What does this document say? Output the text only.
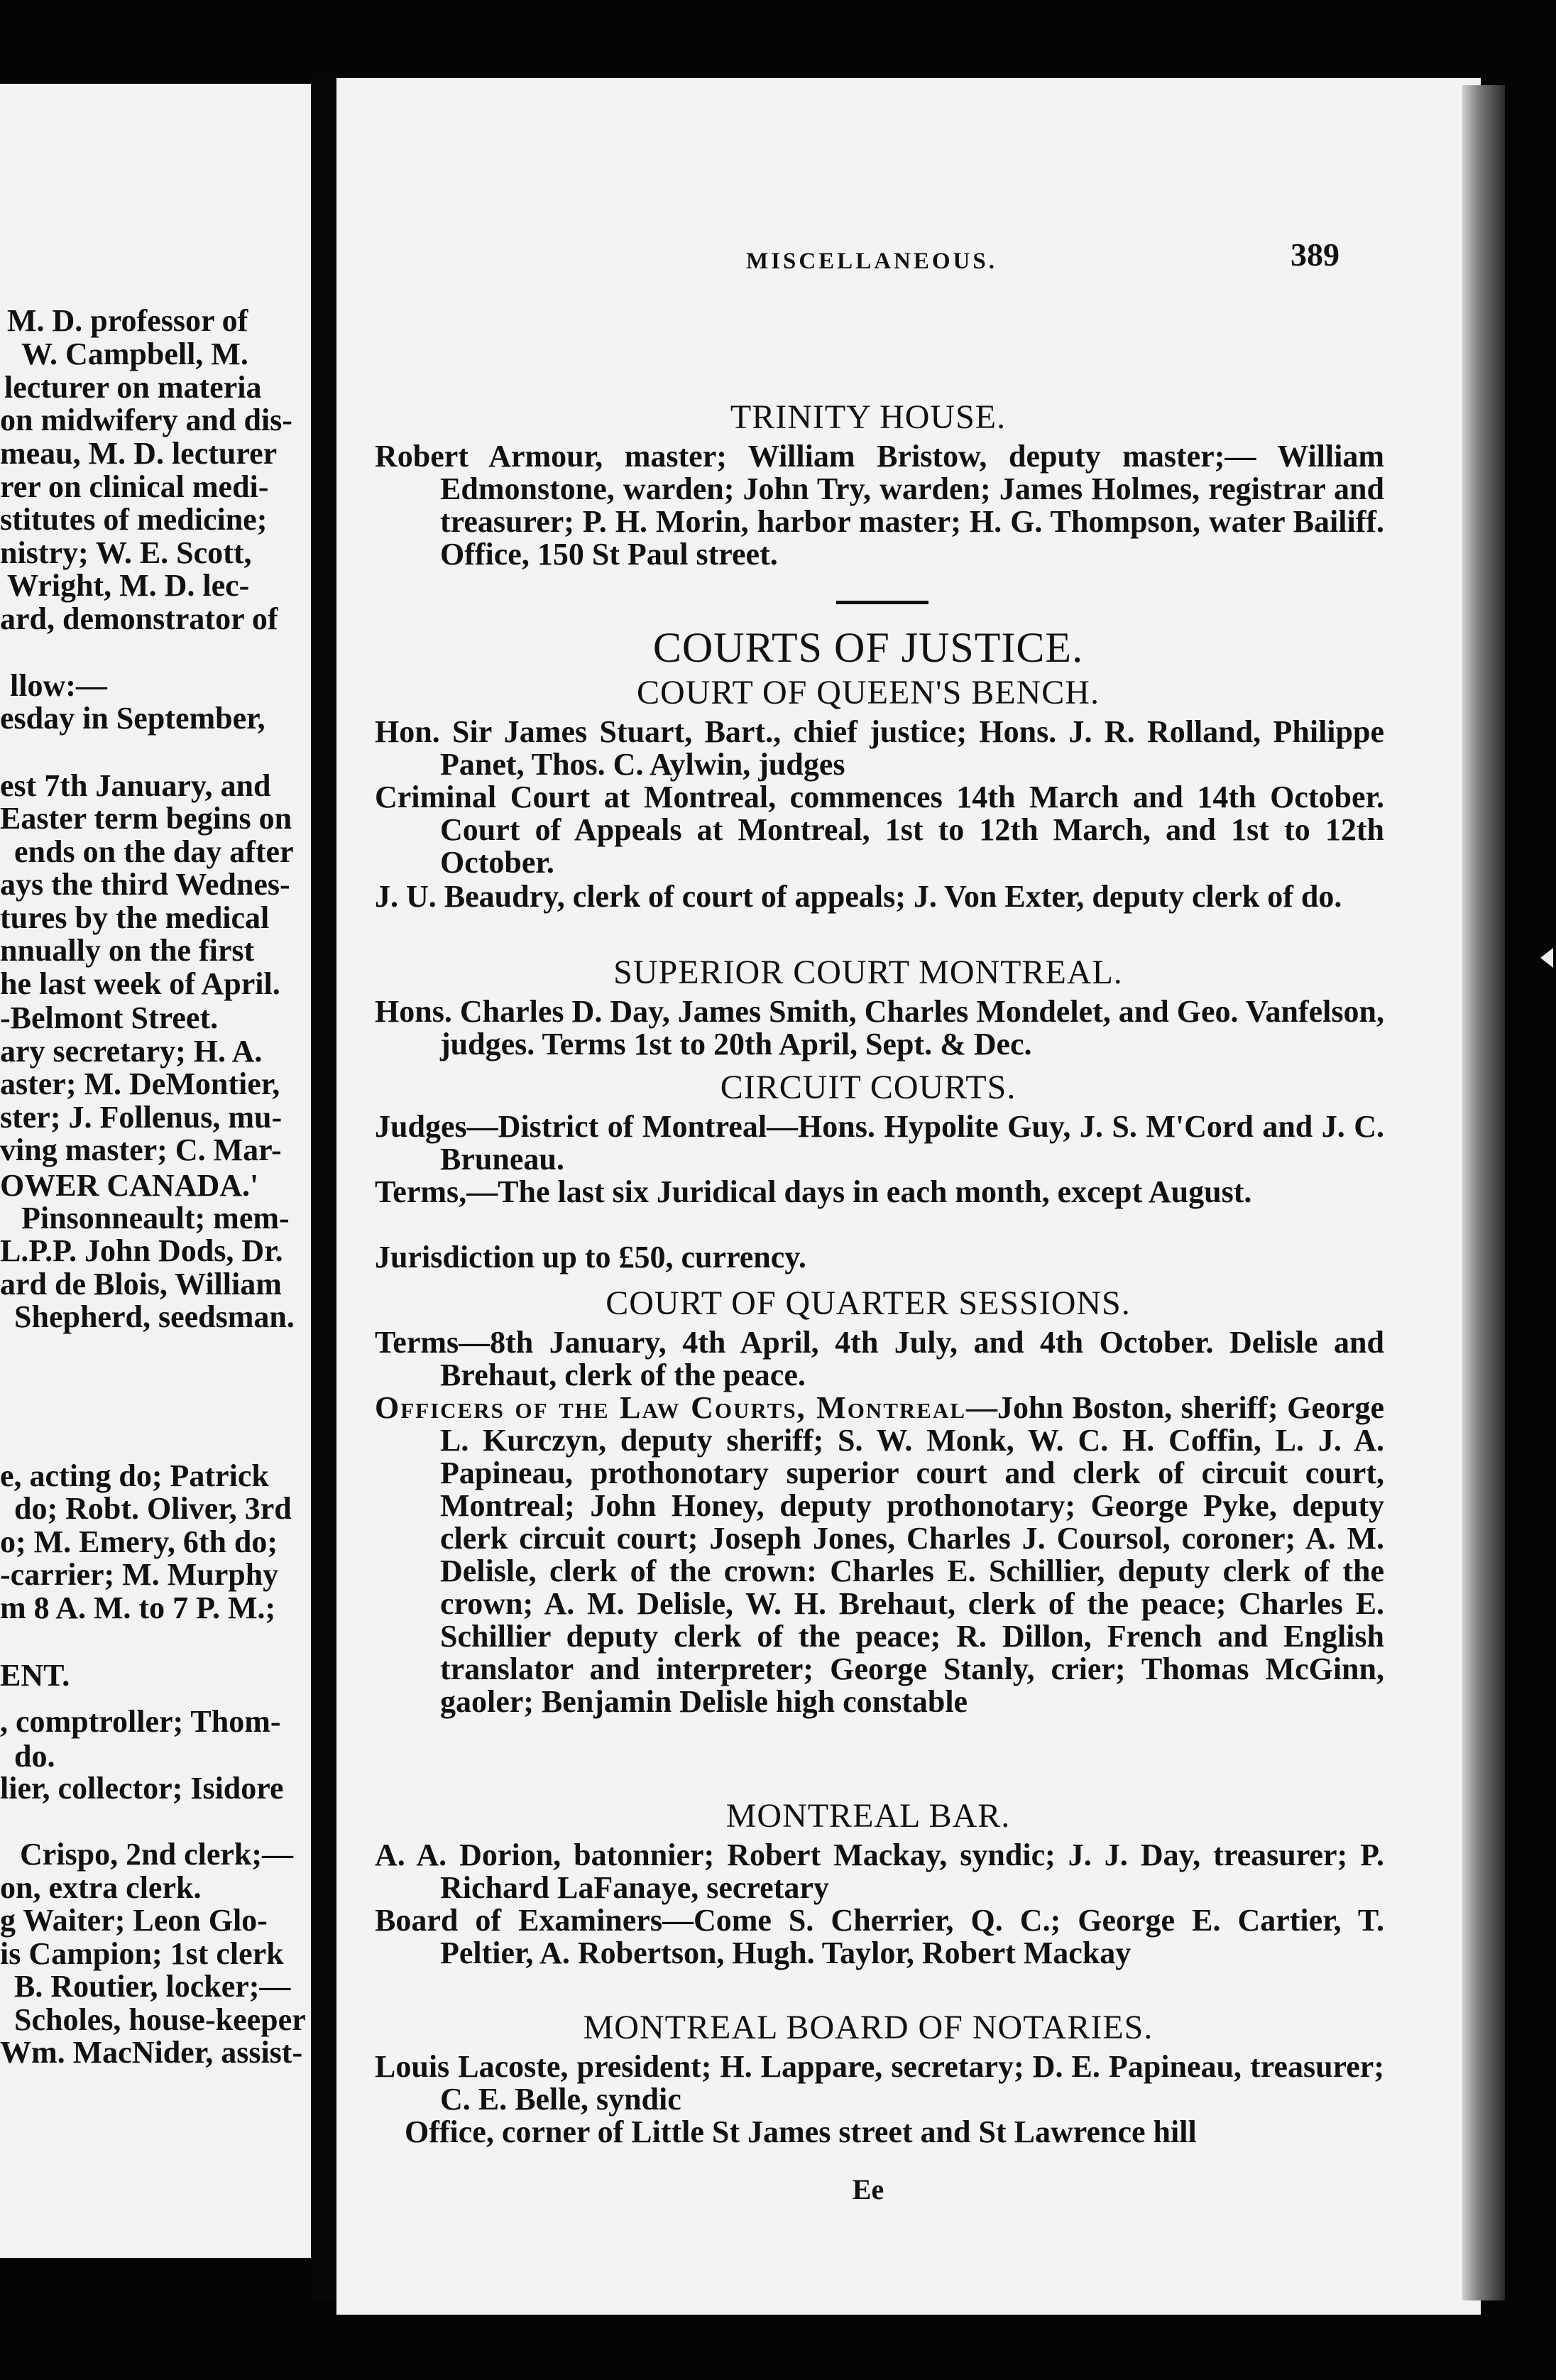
M. D. professor of
W. Campbell, M.
lecturer on materia
on midwifery and dis-
meau, M. D. lecturer
rer on clinical medi-
stitutes of medicine;
nistry; W. E. Scott,
Wright, M. D. lec-
ard, demonstrator of
llow:—
esday in September,
est 7th January, and
Easter term begins on
ends on the day after
ays the third Wednes-
tures by the medical
nnually on the first
he last week of April.
-Belmont Street.
ary secretary; H. A.
aster; M. DeMontier,
ster; J. Follenus, mu-
ving master; C. Mar-
OWER CANADA.'
Pinsonneault; mem-
L.P.P. John Dods, Dr.
ard de Blois, William
Shepherd, seedsman.
e, acting do; Patrick
do; Robt. Oliver, 3rd
o; M. Emery, 6th do;
-carrier; M. Murphy
m 8 A. M. to 7 P. M.;
ENT.
, comptroller; Thom-
do.
lier, collector; Isidore
Crispo, 2nd clerk;—
on, extra clerk.
g Waiter; Leon Glo-
is Campion; 1st clerk
B. Routier, locker;—
Scholes, house-keeper
Wm. MacNider, assist-
MISCELLANEOUS.	389
TRINITY HOUSE.
Robert Armour, master; William Bristow, deputy master;— William Edmonstone, warden; John Try, warden; James Holmes, registrar and treasurer; P. H. Morin, harbor master; H. G. Thompson, water Bailiff. Office, 150 St Paul street.
COURTS OF JUSTICE.
COURT OF QUEEN'S BENCH.
Hon. Sir James Stuart, Bart., chief justice; Hons. J. R. Rolland, Philippe Panet, Thos. C. Aylwin, judges
Criminal Court at Montreal, commences 14th March and 14th October. Court of Appeals at Montreal, 1st to 12th March, and 1st to 12th October.
J. U. Beaudry, clerk of court of appeals; J. Von Exter, deputy clerk of do.
SUPERIOR COURT MONTREAL.
Hons. Charles D. Day, James Smith, Charles Mondelet, and Geo. Vanfelson, judges. Terms 1st to 20th April, Sept. & Dec.
CIRCUIT COURTS.
Judges—District of Montreal—Hons. Hypolite Guy, J. S. M'Cord and J. C. Bruneau.
Terms,—The last six Juridical days in each month, except August.
Jurisdiction up to £50, currency.
COURT OF QUARTER SESSIONS.
Terms—8th January, 4th April, 4th July, and 4th October. Delisle and Brehaut, clerk of the peace.
Officers of the Law Courts, Montreal—John Boston, sheriff; George L. Kurczyn, deputy sheriff; S. W. Monk, W. C. H. Coffin, L. J. A. Papineau, prothonotary superior court and clerk of circuit court, Montreal; John Honey, deputy prothonotary; George Pyke, deputy clerk circuit court; Joseph Jones, Charles J. Coursol, coroner; A. M. Delisle, clerk of the crown: Charles E. Schillier, deputy clerk of the crown; A. M. Delisle, W. H. Brehaut, clerk of the peace; Charles E. Schillier deputy clerk of the peace; R. Dillon, French and English translator and interpreter; George Stanly, crier; Thomas McGinn, gaoler; Benjamin Delisle high constable
MONTREAL BAR.
A. A. Dorion, batonnier; Robert Mackay, syndic; J. J. Day, treasurer; P. Richard LaFanaye, secretary
Board of Examiners—Come S. Cherrier, Q. C.; George E. Cartier, T. Peltier, A. Robertson, Hugh. Taylor, Robert Mackay
MONTREAL BOARD OF NOTARIES.
Louis Lacoste, president; H. Lappare, secretary; D. E. Papineau, treasurer; C. E. Belle, syndic
Office, corner of Little St James street and St Lawrence hill
Ee
